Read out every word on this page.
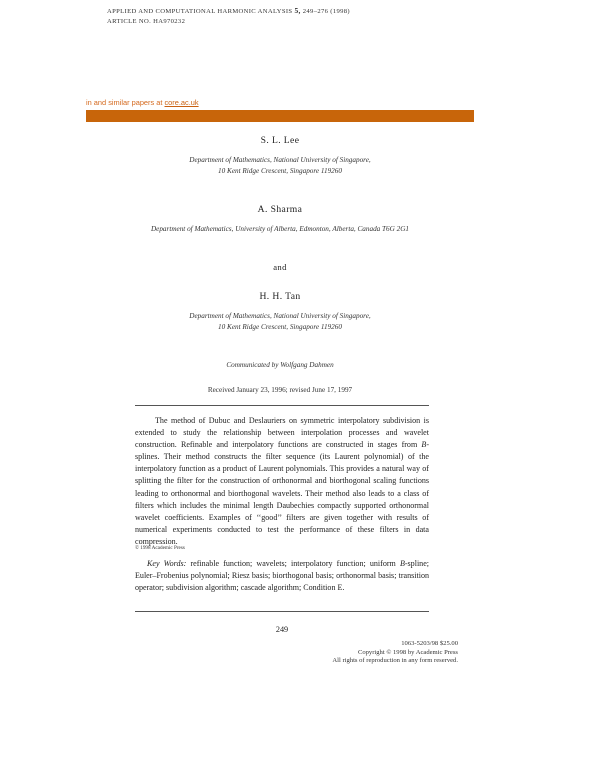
APPLIED AND COMPUTATIONAL HARMONIC ANALYSIS 5, 249–276 (1998)
ARTICLE NO. HA970232
in and similar papers at core.ac.uk
S. L. Lee
Department of Mathematics, National University of Singapore,
10 Kent Ridge Crescent, Singapore 119260
A. Sharma
Department of Mathematics, University of Alberta, Edmonton, Alberta, Canada T6G 2G1
and
H. H. Tan
Department of Mathematics, National University of Singapore,
10 Kent Ridge Crescent, Singapore 119260
Communicated by Wolfgang Dahmen
Received January 23, 1996; revised June 17, 1997

The method of Dubuc and Deslauriers on symmetric interpolatory subdivision is extended to study the relationship between interpolation processes and wavelet construction. Refinable and interpolatory functions are constructed in stages from B-splines. Their method constructs the filter sequence (its Laurent polynomial) of the interpolatory function as a product of Laurent polynomials. This provides a natural way of splitting the filter for the construction of orthonormal and biorthogonal scaling functions leading to orthonormal and biorthogonal wavelets. Their method also leads to a class of filters which includes the minimal length Daubechies compactly supported orthonormal wavelet coefficients. Examples of ‘‘good’’ filters are given together with results of numerical experiments conducted to test the performance of these filters in data compression.

© 1998 Academic Press

Key Words: refinable function; wavelets; interpolatory function; uniform B-spline; Euler–Frobenius polynomial; Riesz basis; biorthogonal basis; orthonormal basis; transition operator; subdivision algorithm; cascade algorithm; Condition E.

249
1063-5203/98 $25.00
Copyright © 1998 by Academic Press
All rights of reproduction in any form reserved.
